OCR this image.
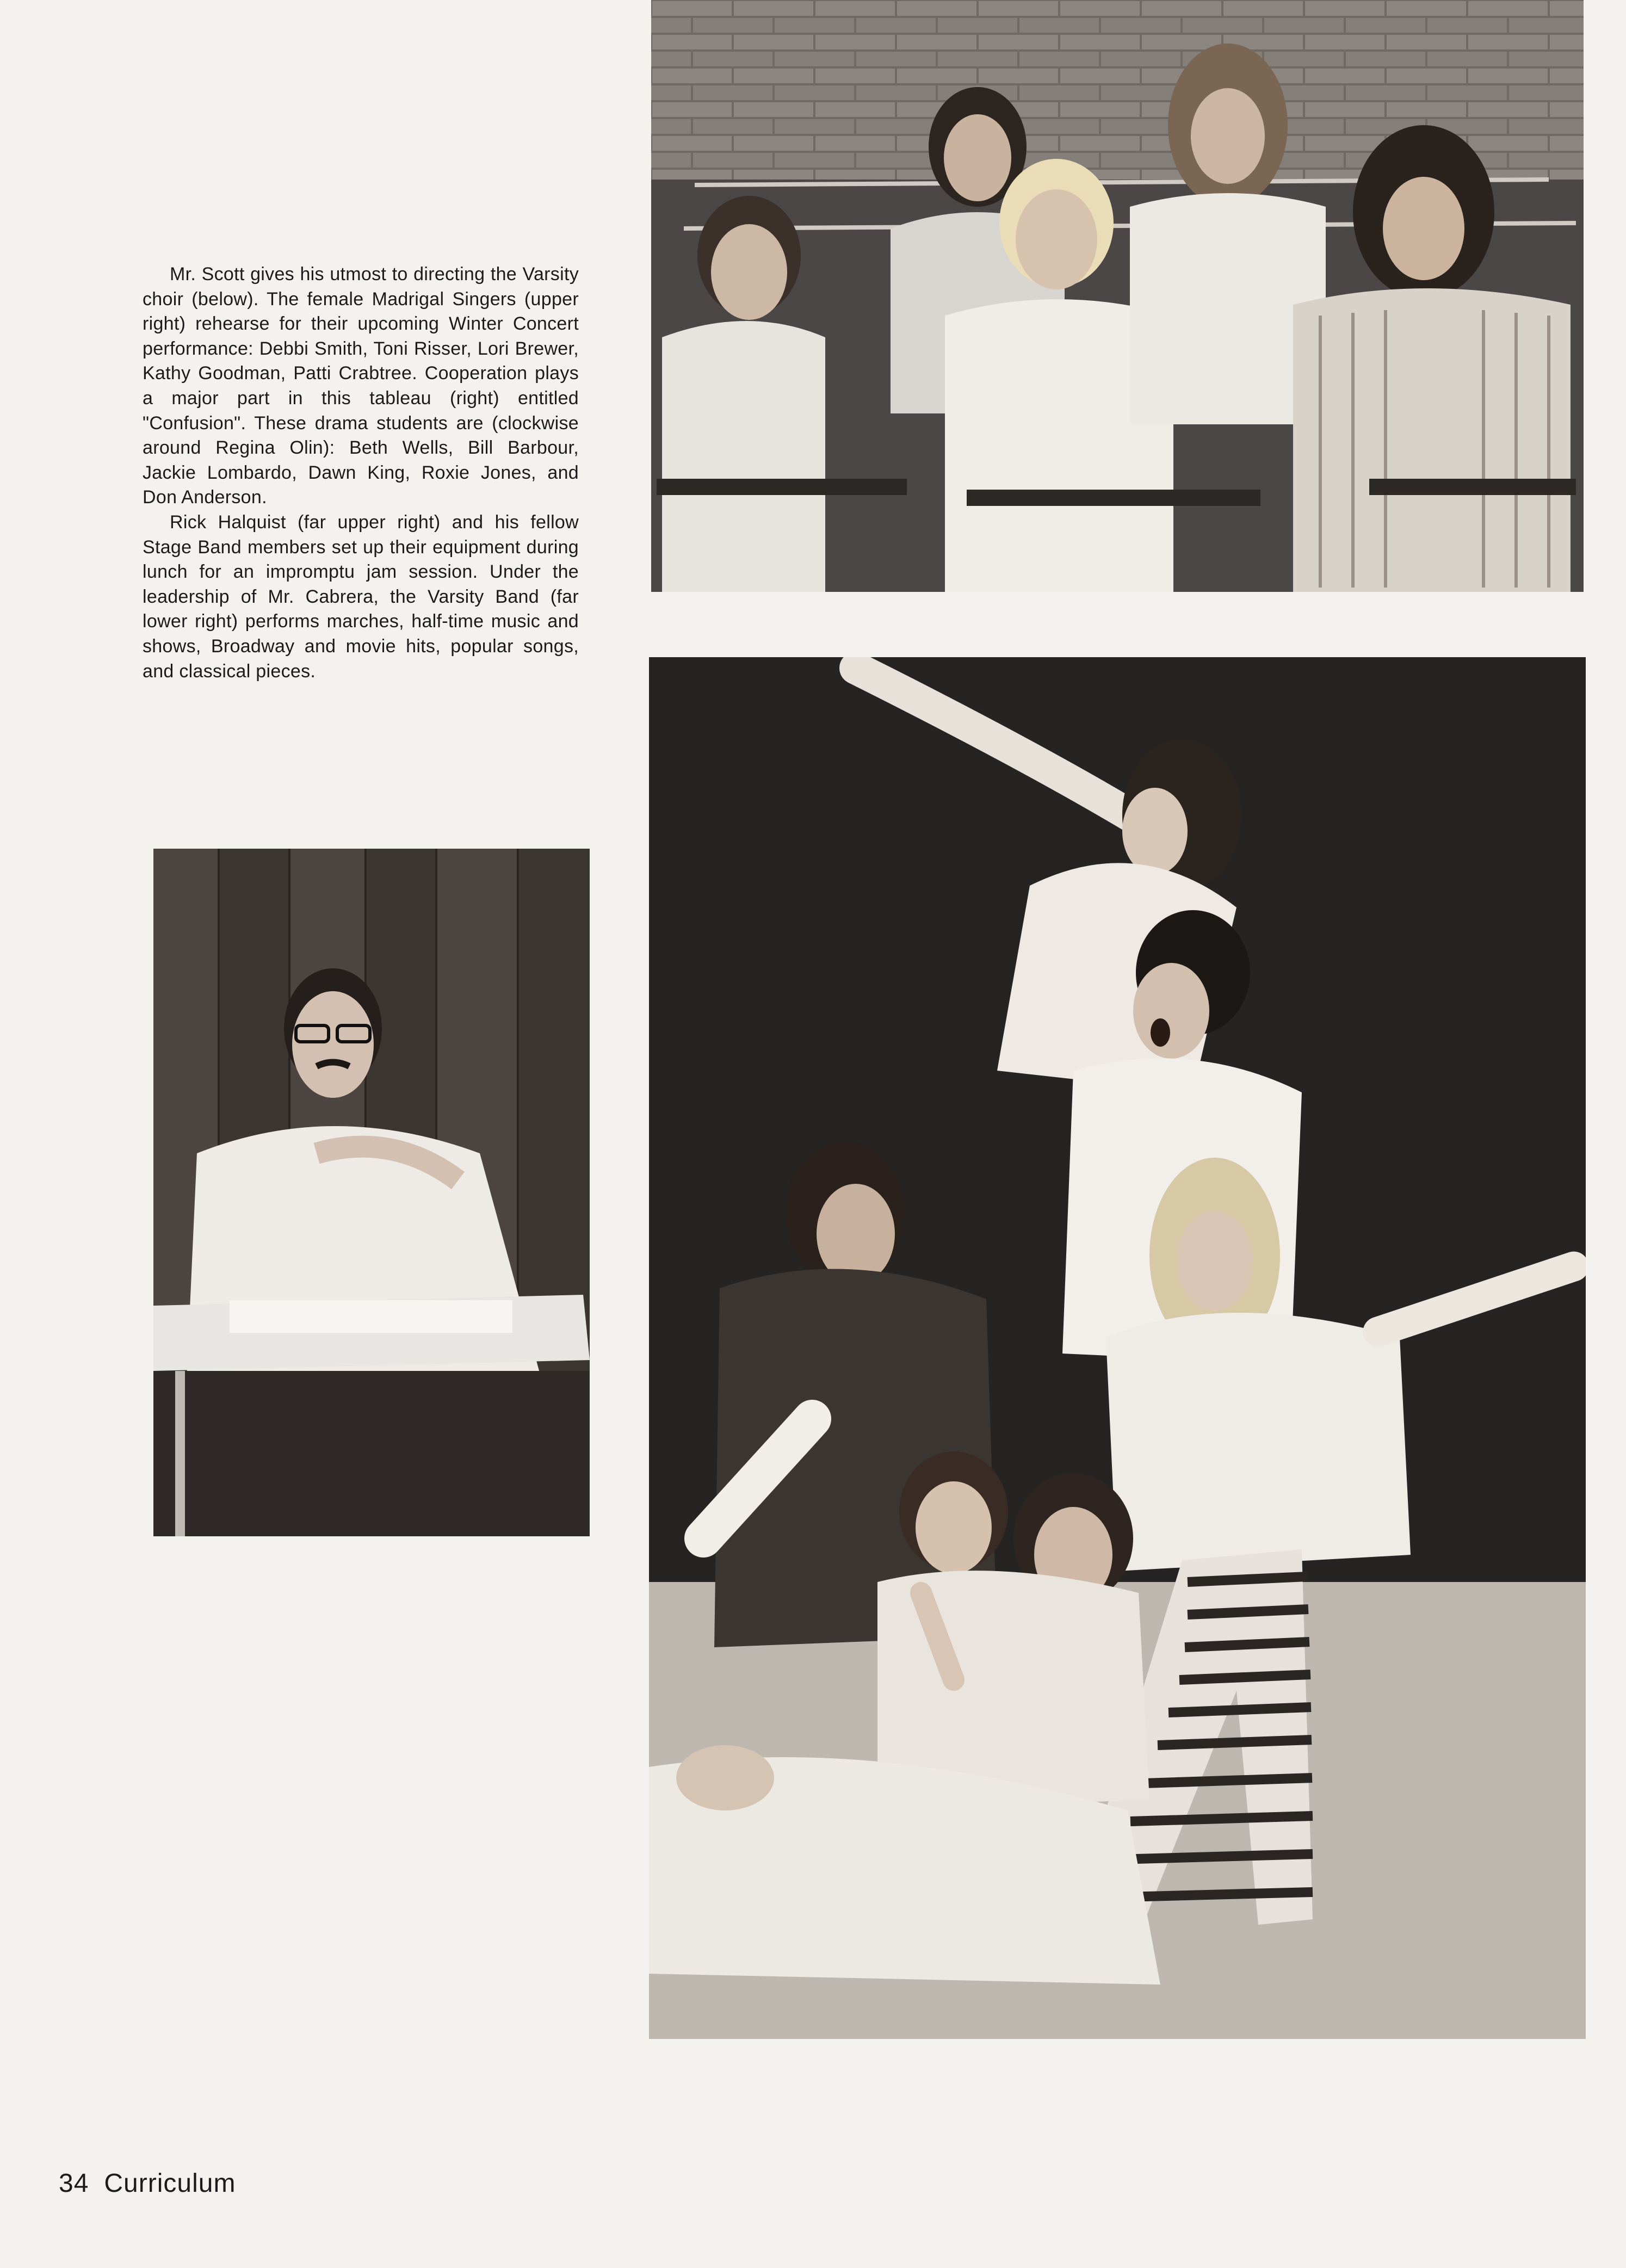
Mr. Scott gives his utmost to directing the Varsity choir (below). The female Madrigal Singers (upper right) rehearse for their upcoming Winter Concert performance: Debbi Smith, Toni Risser, Lori Brewer, Kathy Goodman, Patti Crabtree. Cooperation plays a major part in this tableau (right) entitled "Confusion". These drama students are (clockwise around Regina Olin): Beth Wells, Bill Barbour, Jackie Lombardo, Dawn King, Roxie Jones, and Don Anderson.

Rick Halquist (far upper right) and his fellow Stage Band members set up their equipment during lunch for an impromptu jam session. Under the leadership of Mr. Cabrera, the Varsity Band (far lower right) performs marches, half-time music and shows, Broadway and movie hits, popular songs, and classical pieces.

34 Curriculum
